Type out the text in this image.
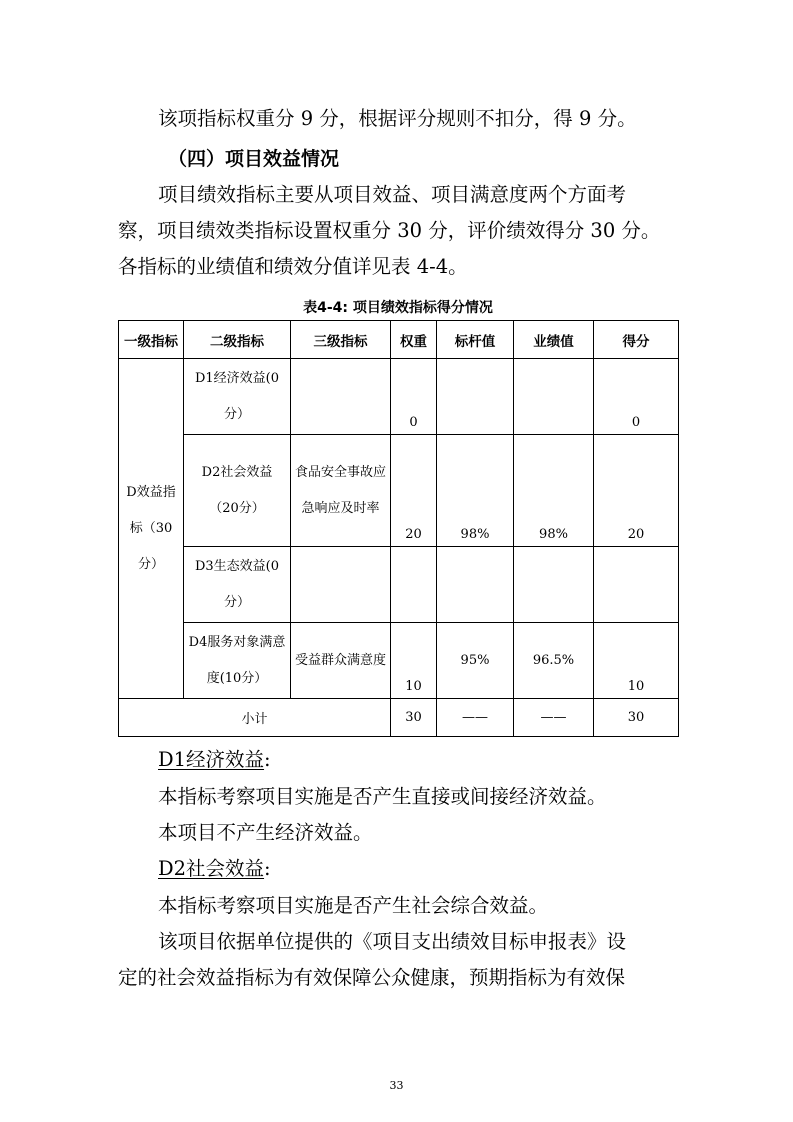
该项指标权重分 9 分，根据评分规则不扣分，得 9 分。

（四）项目效益情况

项目绩效指标主要从项目效益、项目满意度两个方面考

察，项目绩效类指标设置权重分 30 分，评价绩效得分 30 分。

各指标的业绩值和绩效分值详见表 4-4。

表4-4: 项目绩效指标得分情况
一级指标	二级指标	三级指标	权重	标杆值	业绩值	得分

D效益指标（30分）	D1经济效益(0分）		0			0

	D2社会效益（20分）	食品安全事故应急响应及时率	20	98%	98%	20

	D3生态效益(0分）					

	D4服务对象满意度(10分）	受益群众满意度	10	95%	96.5%	10
小计			30	——	——	30

D1经济效益:

本指标考察项目实施是否产生直接或间接经济效益。

本项目不产生经济效益。

D2社会效益:

本指标考察项目实施是否产生社会综合效益。

该项目依据单位提供的《项目支出绩效目标申报表》设

定的社会效益指标为有效保障公众健康，预期指标为有效保

33
